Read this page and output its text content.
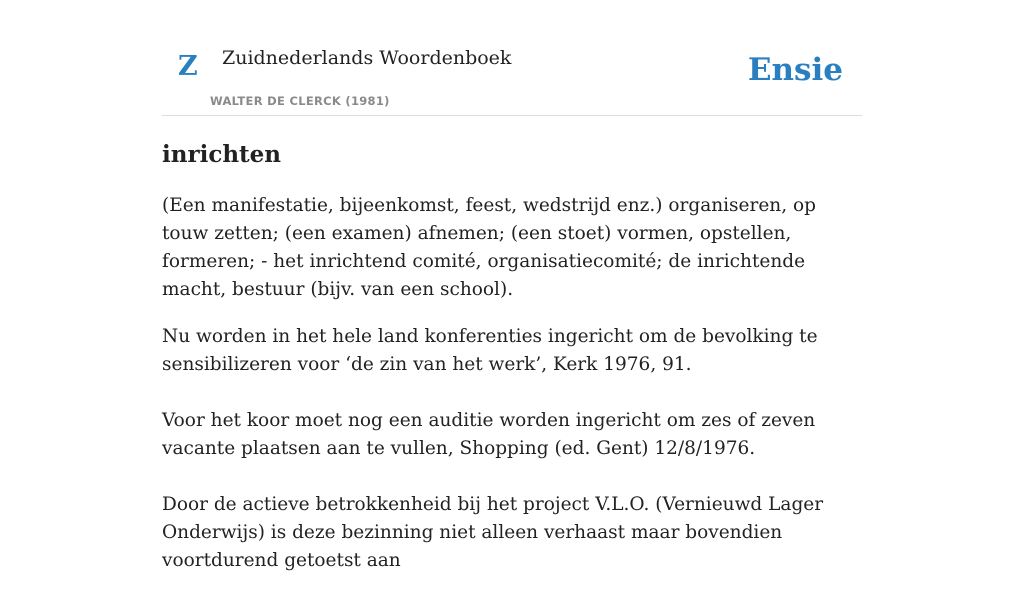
Z Zuidnederlands Woordenboek
WALTER DE CLERCK (1981)
Ensie
inrichten

(Een manifestatie, bijeenkomst, feest, wedstrijd enz.) organiseren, op touw zetten; (een examen) afnemen; (een stoet) vormen, opstellen, formeren; - het inrichtend comité, organisatiecomité; de inrichtende macht, bestuur (bijv. van een school).

Nu worden in het hele land konferenties ingericht om de bevolking te sensibilizeren voor ‘de zin van het werk’, Kerk 1976, 91.

Voor het koor moet nog een auditie worden ingericht om zes of zeven vacante plaatsen aan te vullen, Shopping (ed. Gent) 12/8/1976.

Door de actieve betrokkenheid bij het project V.L.O. (Vernieuwd Lager Onderwijs) is deze bezinning niet alleen verhaast maar bovendien voortdurend getoetst aan
